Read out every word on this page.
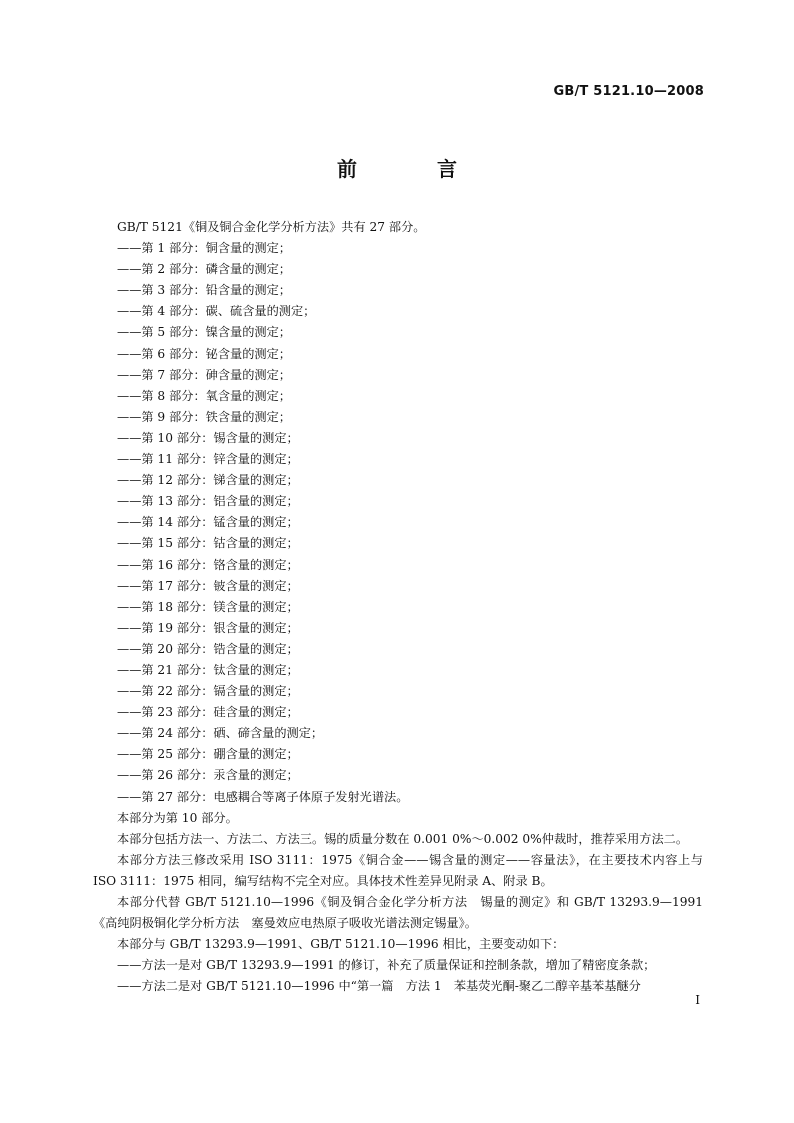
GB/T 5121.10—2008
前　言
GB/T 5121《铜及铜合金化学分析方法》共有 27 部分。
——第 1 部分：铜含量的测定；
——第 2 部分：磷含量的测定；
——第 3 部分：铅含量的测定；
——第 4 部分：碳、硫含量的测定；
——第 5 部分：镍含量的测定；
——第 6 部分：铋含量的测定；
——第 7 部分：砷含量的测定；
——第 8 部分：氧含量的测定；
——第 9 部分：铁含量的测定；
——第 10 部分：锡含量的测定；
——第 11 部分：锌含量的测定；
——第 12 部分：锑含量的测定；
——第 13 部分：铝含量的测定；
——第 14 部分：锰含量的测定；
——第 15 部分：钴含量的测定；
——第 16 部分：铬含量的测定；
——第 17 部分：铍含量的测定；
——第 18 部分：镁含量的测定；
——第 19 部分：银含量的测定；
——第 20 部分：锆含量的测定；
——第 21 部分：钛含量的测定；
——第 22 部分：镉含量的测定；
——第 23 部分：硅含量的测定；
——第 24 部分：硒、碲含量的测定；
——第 25 部分：硼含量的测定；
——第 26 部分：汞含量的测定；
——第 27 部分：电感耦合等离子体原子发射光谱法。
本部分为第 10 部分。
本部分包括方法一、方法二、方法三。锡的质量分数在 0.001 0%～0.002 0%仲裁时，推荐采用方法二。
本部分方法三修改采用 ISO 3111：1975《铜合金——锡含量的测定——容量法》，在主要技术内容上与 ISO 3111：1975 相同，编写结构不完全对应。具体技术性差异见附录 A、附录 B。
本部分代替 GB/T 5121.10—1996《铜及铜合金化学分析方法　锡量的测定》和 GB/T 13293.9—1991《高纯阴极铜化学分析方法　塞曼效应电热原子吸收光谱法测定锡量》。
本部分与 GB/T 13293.9—1991、GB/T 5121.10—1996 相比，主要变动如下：
——方法一是对 GB/T 13293.9—1991 的修订，补充了质量保证和控制条款，增加了精密度条款；
——方法二是对 GB/T 5121.10—1996 中“第一篇　方法 1　苯基荧光酮-聚乙二醇辛基苯基醚分
I
